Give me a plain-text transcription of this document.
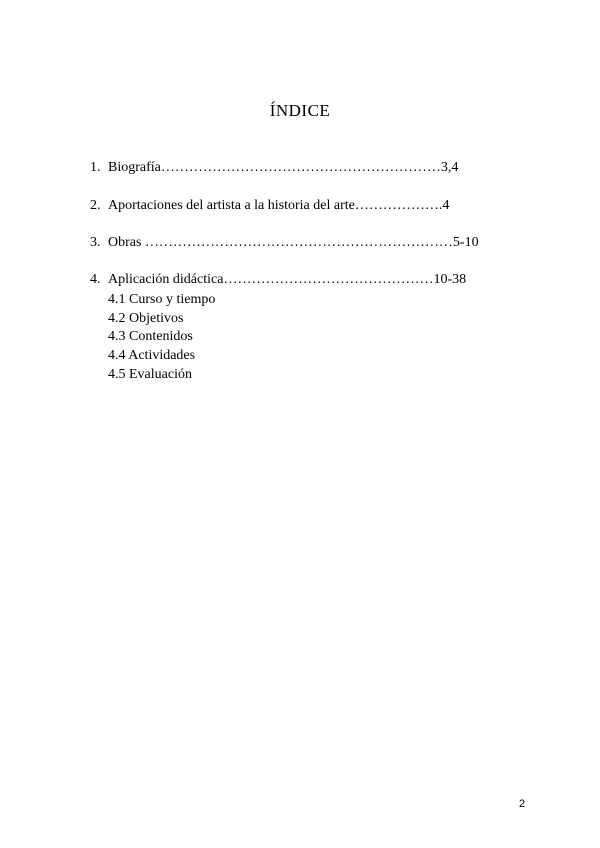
ÍNDICE
1. Biografía……………………………………………………3,4
2. Aportaciones del artista a la historia del arte……………….4
3. Obras …………………………………………………………5-10
4. Aplicación didáctica………………………………………10-38
4.1 Curso y tiempo
4.2 Objetivos
4.3 Contenidos
4.4 Actividades
4.5 Evaluación
2
